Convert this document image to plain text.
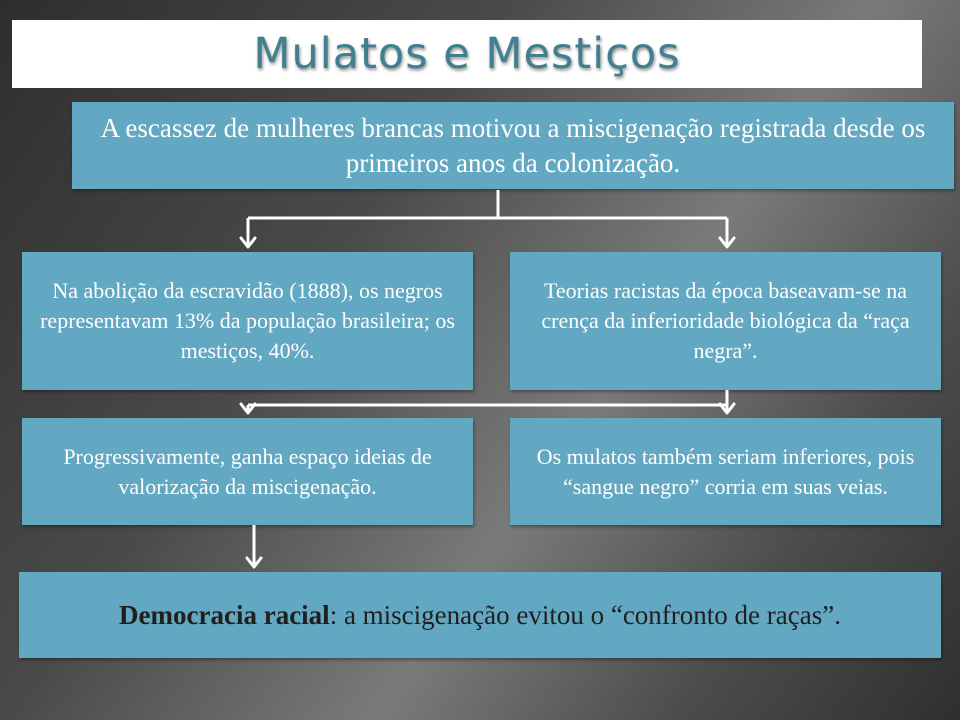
Mulatos e Mestiços
A escassez de mulheres brancas motivou a miscigenação registrada desde os primeiros anos da colonização.
Na abolição da escravidão (1888), os negros representavam 13% da população brasileira; os mestiços, 40%.
Teorias racistas da época baseavam-se na crença da inferioridade biológica da “raça negra”.
Progressivamente, ganha espaço ideias de valorização da miscigenação.
Os mulatos também seriam inferiores, pois “sangue negro” corria em suas veias.
Democracia racial: a miscigenação evitou o “confronto de raças”.
